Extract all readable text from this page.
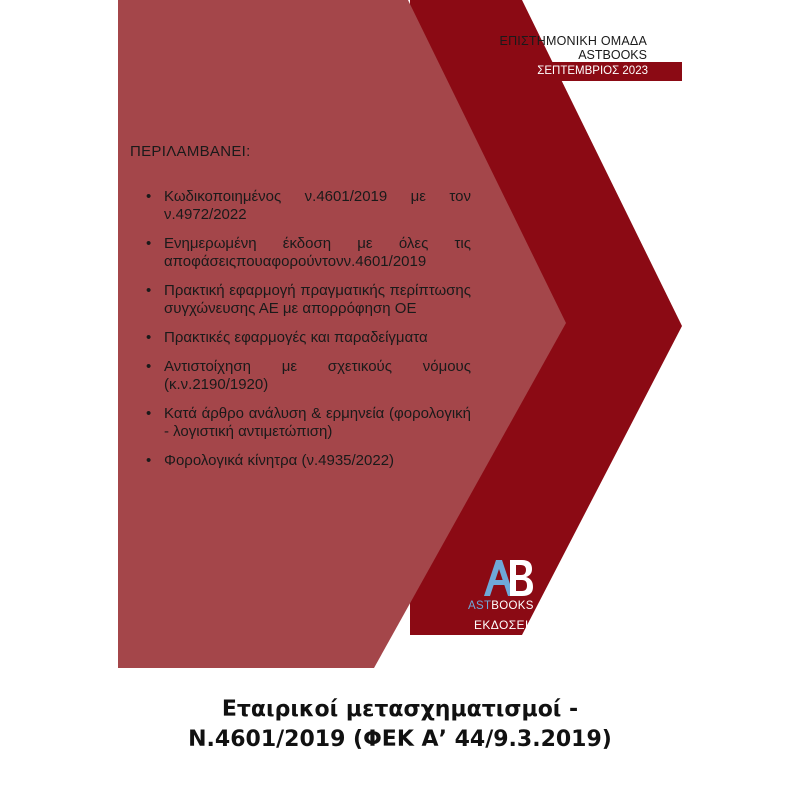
ΕΠΙΣΤΗΜΟΝΙΚΗ ΟΜΑΔΑ
ASTBOOKS
ΣΕΠΤΕΜΒΡΙΟΣ 2023
ΠΕΡΙΛΑΜΒΑΝΕΙ:
• Κωδικοποιημένος ν.4601/2019 με τον ν.4972/2022
• Ενημερωμένη έκδοση με όλες τις αποφάσειςπουαφορούντονν.4601/2019
• Πρακτική εφαρμογή πραγματικής περίπτωσης συγχώνευσης ΑΕ με απορρόφηση ΟΕ
• Πρακτικές εφαρμογές και παραδείγματα
• Αντιστοίχηση με σχετικούς νόμους (κ.ν.2190/1920)
• Κατά άρθρο ανάλυση & ερμηνεία (φορολογική - λογιστική αντιμετώπιση)
• Φορολογικά κίνητρα (ν.4935/2022)
ASTBOOKS
ΕΚΔΟΣΕΙΣ
Εταιρικοί μετασχηματισμοί -
Ν.4601/2019 (ΦΕΚ Α’ 44/9.3.2019)
